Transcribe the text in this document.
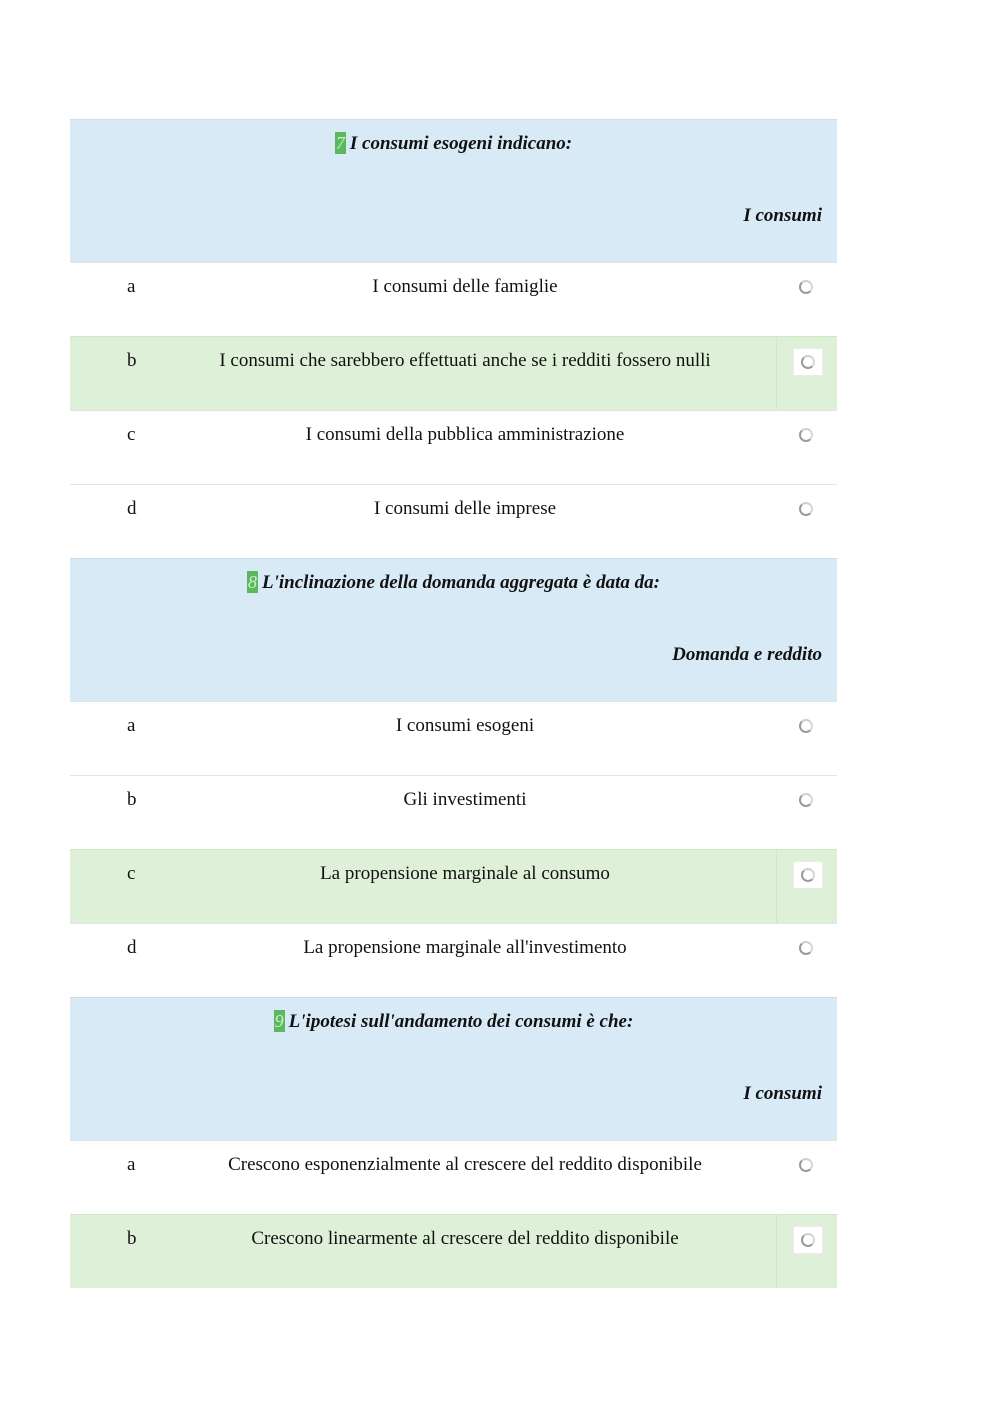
7 I consumi esogeni indicano:
I consumi
a	I consumi delle famiglie
b	I consumi che sarebbero effettuati anche se i redditi fossero nulli
c	I consumi della pubblica amministrazione
d	I consumi delle imprese
8 L'inclinazione della domanda aggregata è data da:
Domanda e reddito
a	I consumi esogeni
b	Gli investimenti
c	La propensione marginale al consumo
d	La propensione marginale all'investimento
9 L'ipotesi sull'andamento dei consumi è che:
I consumi
a	Crescono esponenzialmente al crescere del reddito disponibile
b	Crescono linearmente al crescere del reddito disponibile
